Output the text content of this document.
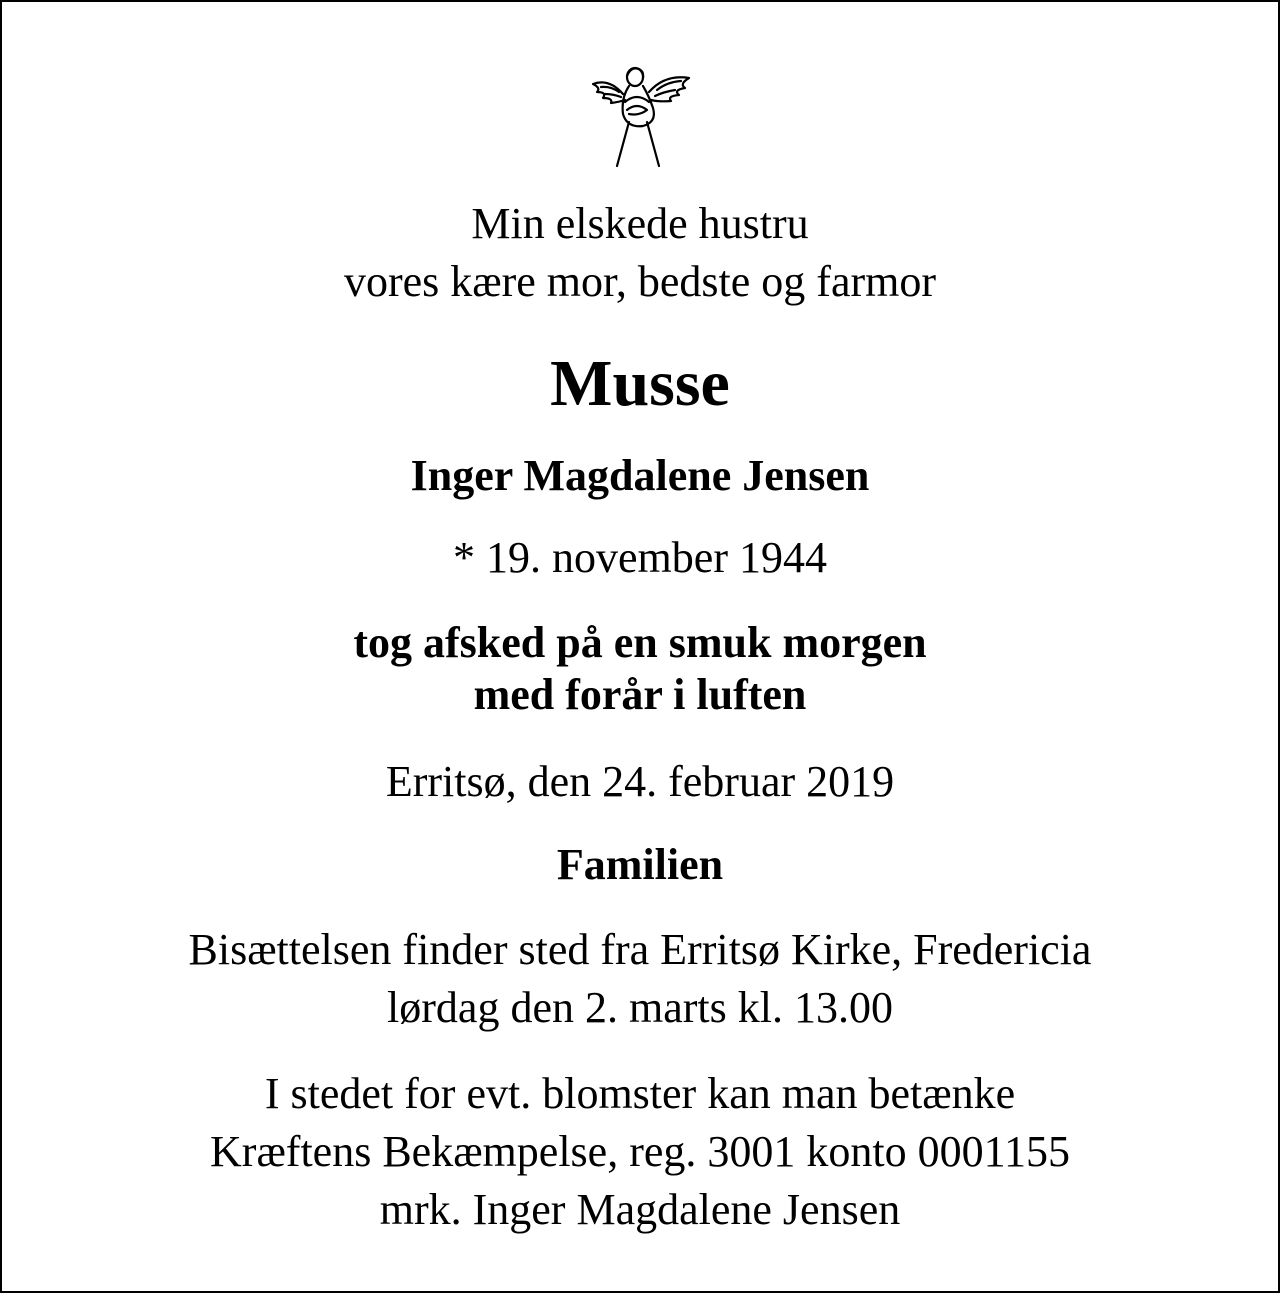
Min elskede hustru
vores kære mor, bedste og farmor
Musse
Inger Magdalene Jensen
* 19. november 1944
tog afsked på en smuk morgen
med forår i luften
Erritsø, den 24. februar 2019
Familien
Bisættelsen finder sted fra Erritsø Kirke, Fredericia
lørdag den 2. marts kl. 13.00
I stedet for evt. blomster kan man betænke
Kræftens Bekæmpelse, reg. 3001 konto 0001155
mrk. Inger Magdalene Jensen
